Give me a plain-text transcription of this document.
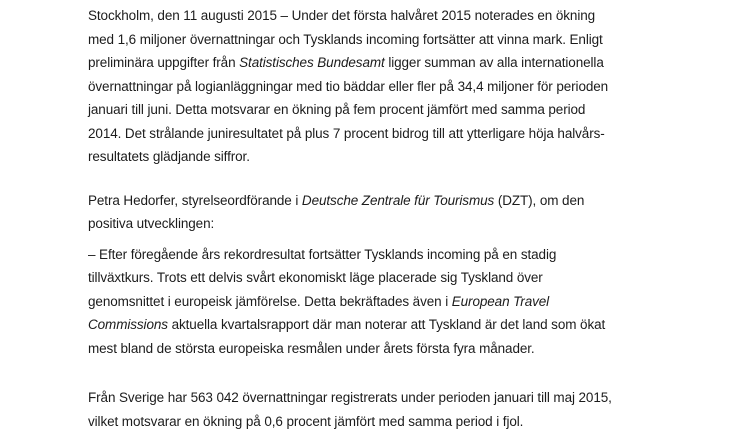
Stockholm, den 11 augusti 2015 – Under det första halvåret 2015 noterades en ökning
med 1,6 miljoner övernattningar och Tysklands incoming fortsätter att vinna mark. Enligt
preliminära uppgifter från Statistisches Bundesamt ligger summan av alla internationella
övernattningar på logianläggningar med tio bäddar eller fler på 34,4 miljoner för perioden
januari till juni. Detta motsvarar en ökning på fem procent jämfört med samma period
2014. Det strålande juniresultatet på plus 7 procent bidrog till att ytterligare höja halvårs-
resultatets glädjande siffror.

Petra Hedorfer, styrelseordförande i Deutsche Zentrale für Tourismus (DZT), om den
positiva utvecklingen:

– Efter föregående års rekordresultat fortsätter Tysklands incoming på en stadig
tillväxtkurs. Trots ett delvis svårt ekonomiskt läge placerade sig Tyskland över
genomsnittet i europeisk jämförelse. Detta bekräftades även i European Travel
Commissions aktuella kvartalsrapport där man noterar att Tyskland är det land som ökat
mest bland de största europeiska resmålen under årets första fyra månader.

Från Sverige har 563 042 övernattningar registrerats under perioden januari till maj 2015,
vilket motsvarar en ökning på 0,6 procent jämfört med samma period i fjol.
